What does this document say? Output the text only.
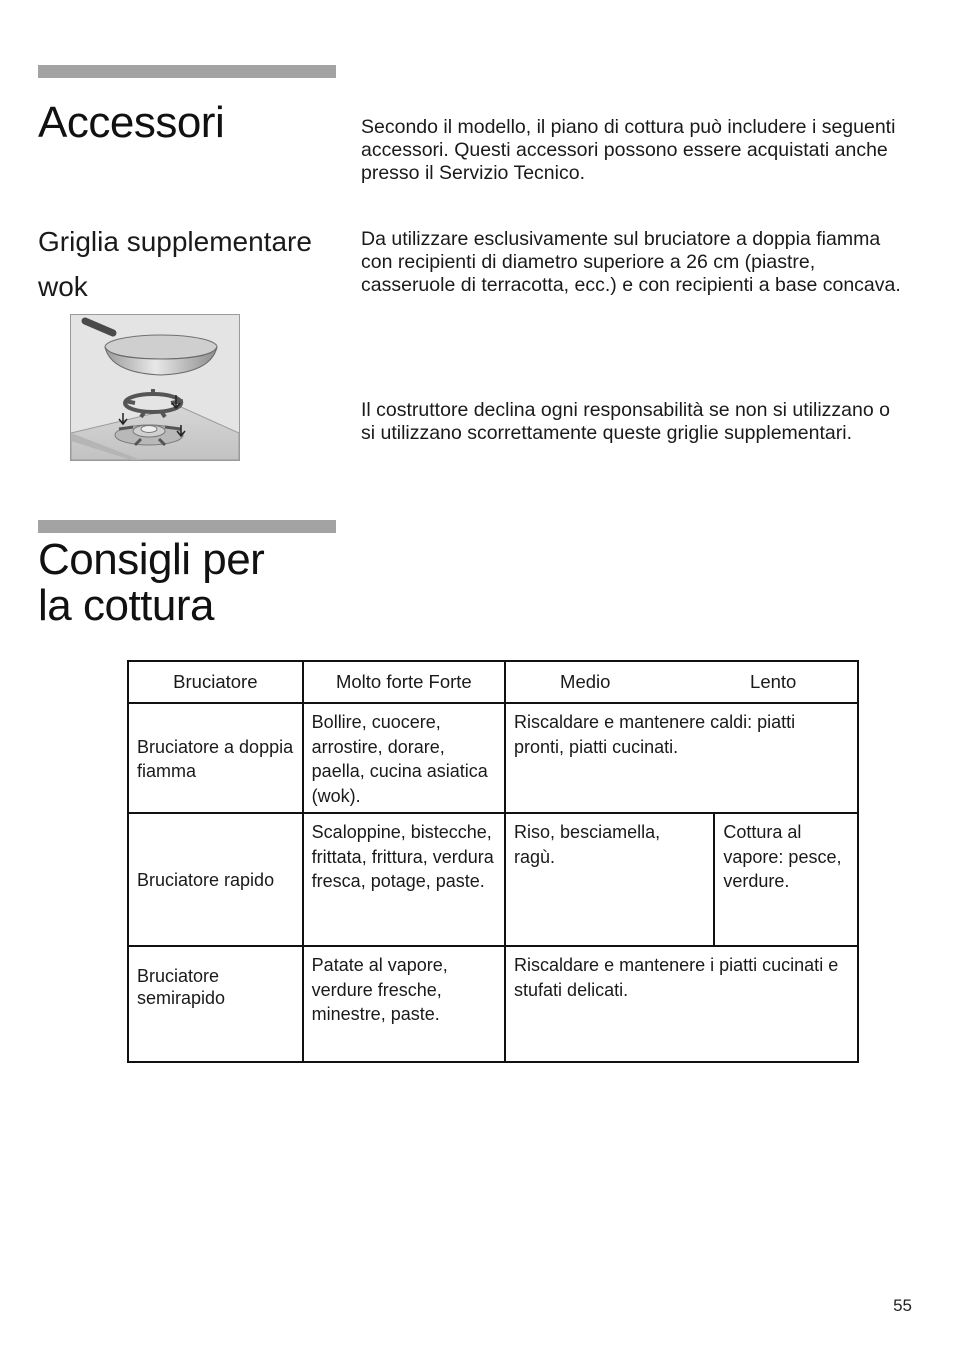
Accessori	Secondo il modello, il piano di cottura può includere i seguenti accessori. Questi accessori possono essere acquistati anche presso il Servizio Tecnico.

Griglia supplementare
wok

Da utilizzare esclusivamente sul bruciatore a doppia fiamma con recipienti di diametro superiore a 26 cm (piastre, casseruole di terracotta, ecc.) e con recipienti a base concava.

Il costruttore declina ogni responsabilità se non si utilizzano o si utilizzano scorrettamente queste griglie supplementari.

Consigli per
la cottura
Bruciatore	Molto forte Forte	Medio Lento	

Bruciatore a doppia fiamma	Bollire, cuocere, arrostire, dorare, paella, cucina asiatica (wok).	Riscaldare e mantenere caldi: piatti pronti, piatti cucinati.	
Bruciatore rapido	Scaloppine, bistecche, frittata, frittura, verdura fresca, potage, paste.	Riso, besciamella, ragù.	Cottura al vapore: pesce, verdure.

Bruciatore semirapido	Patate al vapore, verdure fresche, minestre, paste.	Riscaldare e mantenere i piatti cucinati e stufati delicati.	
55
